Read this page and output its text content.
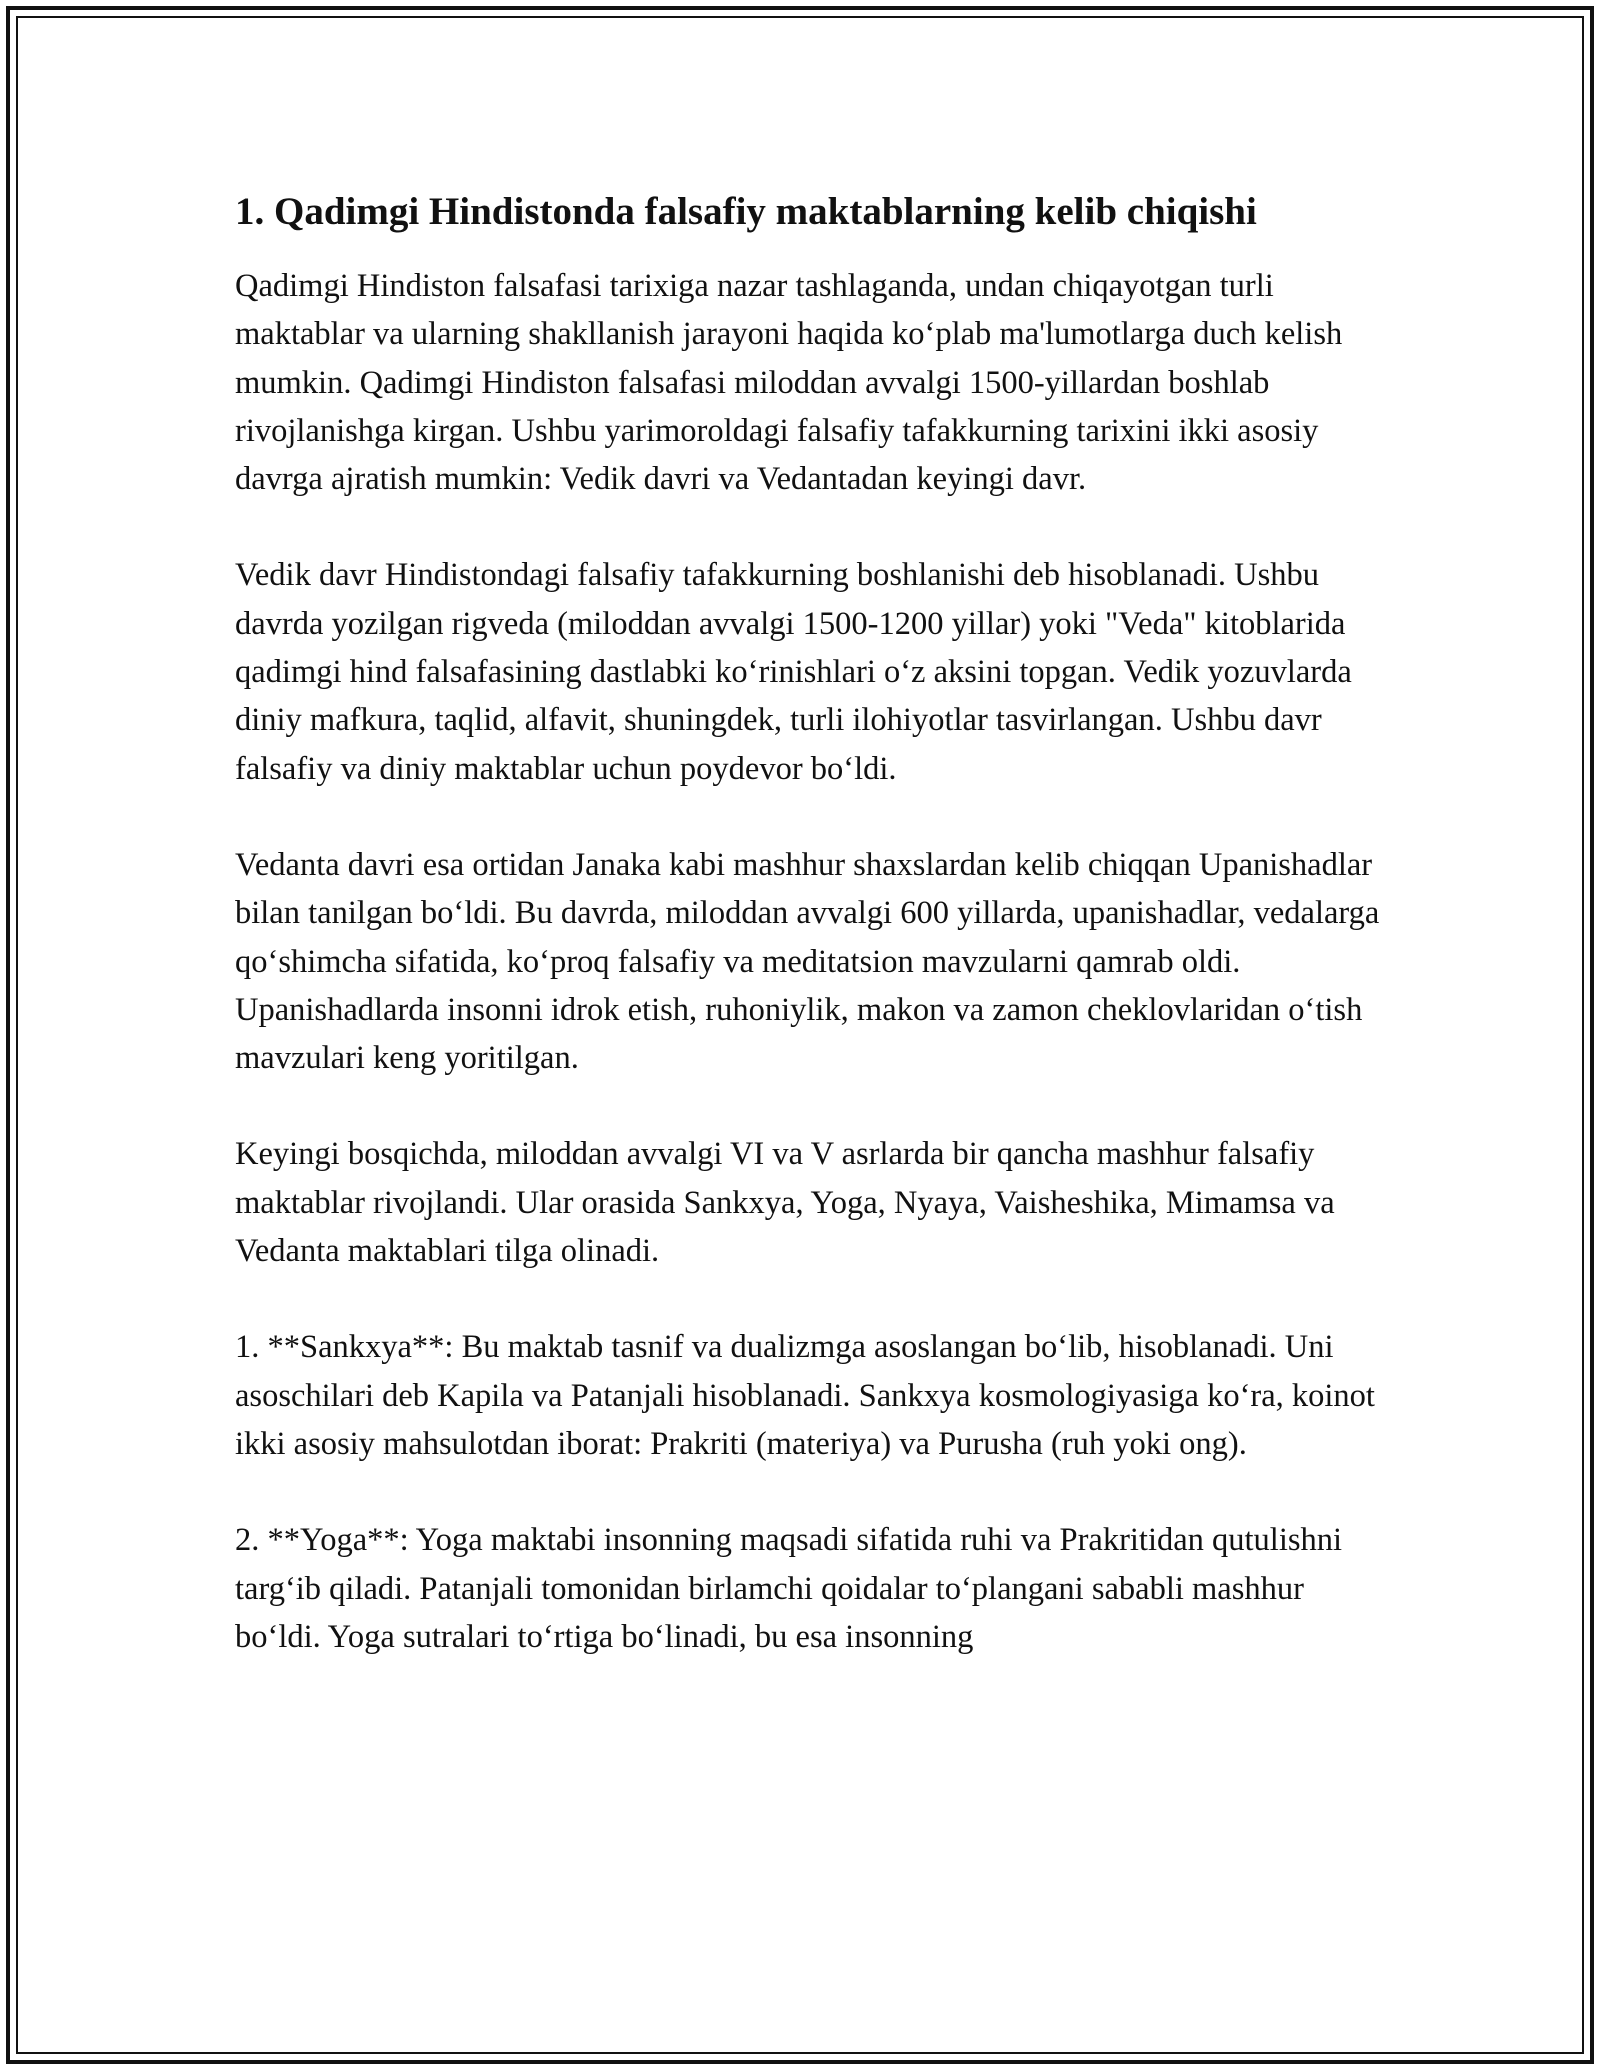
1. Qadimgi Hindistonda falsafiy maktablarning kelib chiqishi

Qadimgi Hindiston falsafasi tarixiga nazar tashlaganda, undan chiqayotgan turli maktablar va ularning shakllanish jarayoni haqida ko‘plab ma'lumotlarga duch kelish mumkin. Qadimgi Hindiston falsafasi miloddan avvalgi 1500-yillardan boshlab rivojlanishga kirgan. Ushbu yarimoroldagi falsafiy tafakkurning tarixini ikki asosiy davrga ajratish mumkin: Vedik davri va Vedantadan keyingi davr.

Vedik davr Hindistondagi falsafiy tafakkurning boshlanishi deb hisoblanadi. Ushbu davrda yozilgan rigveda (miloddan avvalgi 1500-1200 yillar) yoki "Veda" kitoblarida qadimgi hind falsafasining dastlabki ko‘rinishlari o‘z aksini topgan. Vedik yozuvlarda diniy mafkura, taqlid, alfavit, shuningdek, turli ilohiyotlar tasvirlangan. Ushbu davr falsafiy va diniy maktablar uchun poydevor bo‘ldi.

Vedanta davri esa ortidan Janaka kabi mashhur shaxslardan kelib chiqqan Upanishadlar bilan tanilgan bo‘ldi. Bu davrda, miloddan avvalgi 600 yillarda, upanishadlar, vedalarga qo‘shimcha sifatida, ko‘proq falsafiy va meditatsion mavzularni qamrab oldi. Upanishadlarda insonni idrok etish, ruhoniylik, makon va zamon cheklovlaridan o‘tish mavzulari keng yoritilgan.

Keyingi bosqichda, miloddan avvalgi VI va V asrlarda bir qancha mashhur falsafiy maktablar rivojlandi. Ular orasida Sankxya, Yoga, Nyaya, Vaisheshika, Mimamsa va Vedanta maktablari tilga olinadi.

1. **Sankxya**: Bu maktab tasnif va dualizmga asoslangan bo‘lib, hisoblanadi. Uni asoschilari deb Kapila va Patanjali hisoblanadi. Sankxya kosmologiyasiga ko‘ra, koinot ikki asosiy mahsulotdan iborat: Prakriti (materiya) va Purusha (ruh yoki ong).

2. **Yoga**: Yoga maktabi insonning maqsadi sifatida ruhi va Prakritidan qutulishni targ‘ib qiladi. Patanjali tomonidan birlamchi qoidalar to‘plangani sababli mashhur bo‘ldi. Yoga sutralari to‘rtiga bo‘linadi, bu esa insonning
